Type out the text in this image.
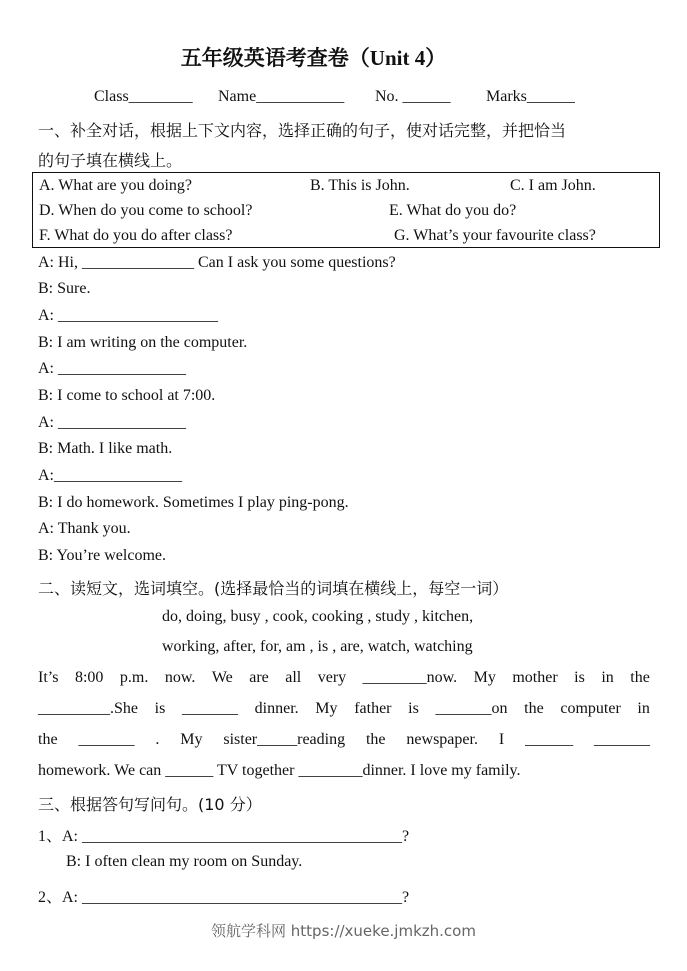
五年级英语考查卷（Unit 4）
Class________ Name___________ No. ______ Marks______
一、补全对话，根据上下文内容，选择正确的句子，使对话完整，并把恰当
的句子填在横线上。
A. What are you doing?	B. This is John.	C. I am John.
D. When do you come to school?	E. What do you do?
F. What do you do after class?	G. What’s your favourite class?
A: Hi, ______________ Can I ask you some questions?
B: Sure.
A: ____________________
B: I am writing on the computer.
A: ________________
B: I come to school at 7:00.
A: ________________
B: Math. I like math.
A:________________
B: I do homework. Sometimes I play ping-pong.
A: Thank you.
B: You’re welcome.
二、读短文，选词填空。(选择最恰当的词填在横线上，每空一词）
do, doing, busy , cook, cooking , study , kitchen,
working, after, for, am , is , are, watch, watching
It’s 8:00 p.m. now. We are all very ________now. My mother is in the
_________.She is _______ dinner. My father is _______on the computer in
the _______ . My sister_____reading the newspaper. I ______ _______
homework. We can ______ TV together ________dinner. I love my family.
三、根据答句写问句。(10 分）
1、A: ________________________________________?
B: I often clean my room on Sunday.
2、A: ________________________________________?
领航学科网 https://xueke.jmkzh.com
